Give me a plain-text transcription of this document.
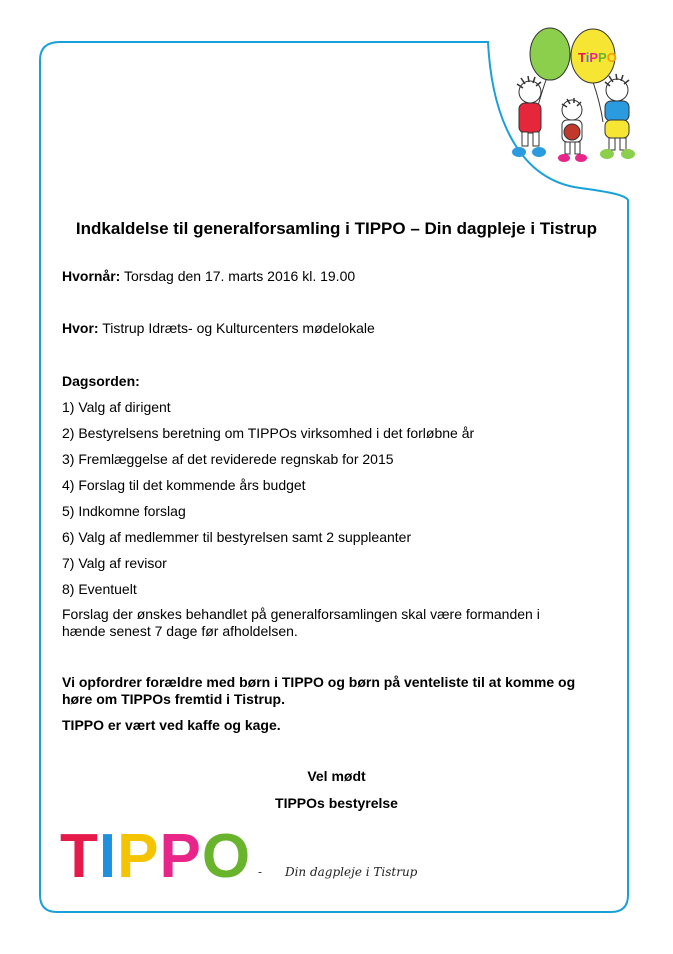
TiPPO
Indkaldelse til generalforsamling i TIPPO – Din dagpleje i Tistrup
Hvornår: Torsdag den 17. marts 2016 kl. 19.00
Hvor: Tistrup Idræts- og Kulturcenters mødelokale
Dagsorden:
1) Valg af dirigent
2) Bestyrelsens beretning om TIPPOs virksomhed i det forløbne år
3) Fremlæggelse af det reviderede regnskab for 2015
4) Forslag til det kommende års budget
5) Indkomne forslag
6) Valg af medlemmer til bestyrelsen samt 2 suppleanter
7) Valg af revisor
8) Eventuelt
Forslag der ønskes behandlet på generalforsamlingen skal være formanden i hænde senest 7 dage før afholdelsen.
Vi opfordrer forældre med børn i TIPPO og børn på venteliste til at komme og høre om TIPPOs fremtid i Tistrup.
TIPPO er vært ved kaffe og kage.
Vel mødt
TIPPOs bestyrelse
TIPPO - Din dagpleje i Tistrup
